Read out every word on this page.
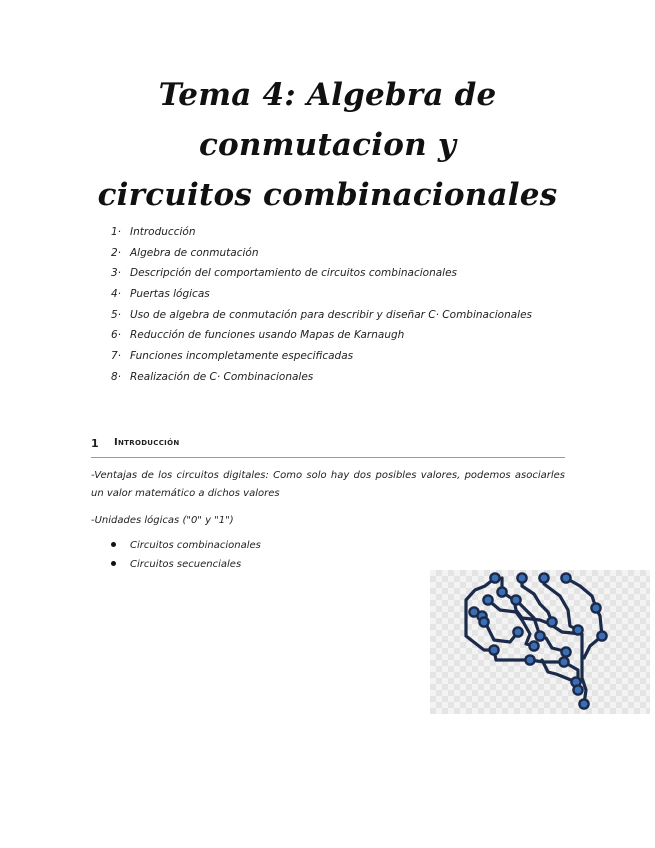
Tema 4: Algebra de conmutacion y
circuitos combinacionales
1· Introducción
2· Algebra de conmutación
3· Descripción del comportamiento de circuitos combinacionales
4· Puertas lógicas
5· Uso de algebra de conmutación para describir y diseñar C· Combinacionales
6· Reducción de funciones usando Mapas de Karnaugh
7· Funciones incompletamente especificadas
8· Realización de C· Combinacionales
1 Introducción
-Ventajas de los circuitos digitales: Como solo hay dos posibles valores, podemos asociarles un valor matemático a dichos valores
-Unidades lógicas ("0" y "1")
Circuitos combinacionales
Circuitos secuenciales
